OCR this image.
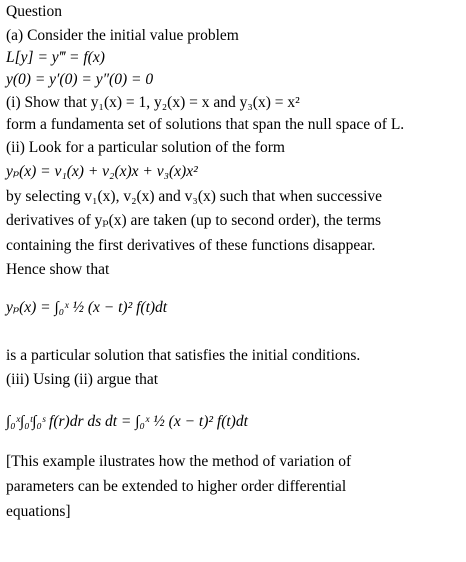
Question
(a) Consider the initial value problem
L[y] = y‴ = f(x)
y(0) = y′(0) = y″(0) = 0
(i) Show that y₁(x) = 1, y₂(x) = x and y₃(x) = x²
form a fundamenta set of solutions that span the null space of L.
(ii) Look for a particular solution of the form
yₚ(x) = v₁(x) + v₂(x)x + v₃(x)x²
by selecting v₁(x), v₂(x) and v₃(x) such that when successive
derivatives of yₚ(x) are taken (up to second order), the terms
containing the first derivatives of these functions disappear.
Hence show that
yₚ(x) = ∫₀ˣ ½ (x − t)² f(t)dt
is a particular solution that satisfies the initial conditions.
(iii) Using (ii) argue that
∫₀ˣ∫₀ᵗ∫₀ˢ f(r)dr ds dt = ∫₀ˣ ½ (x − t)² f(t)dt
[This example ilustrates how the method of variation of
parameters can be extended to higher order differential
equations]
